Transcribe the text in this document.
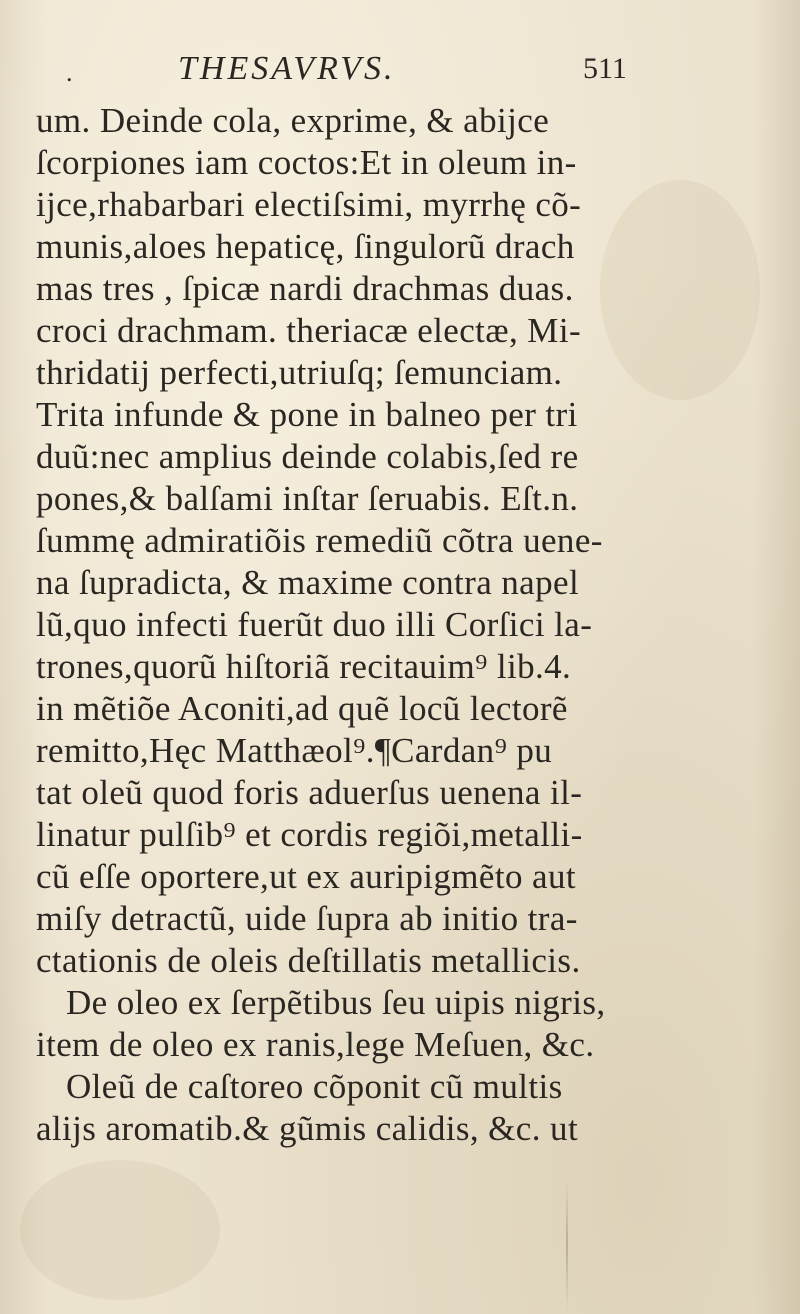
.	THESAVRVS.	511
um. Deinde cola, exprime, & abijce
ſcorpiones iam coctos:Et in oleum in-
ijce,rhabarbari electiſsimi, myrrhę cõ-
munis,aloes hepaticę, ſingulorũ drach
mas tres , ſpicæ nardi drachmas duas.
croci drachmam. theriacæ electæ, Mi-
thridatij perfecti,utriuſq; ſemunciam.
Trita infunde & pone in balneo per tri
duũ:nec amplius deinde colabis,ſed re
pones,& balſami inſtar ſeruabis. Eſt.n.
ſummę admiratiõis remediũ cõtra uene-
na ſupradicta, & maxime contra napel
lũ,quo infecti fuerũt duo illi Corſici la-
trones,quorũ hiſtoriã recitauim⁹ lib.4.
in mẽtiõe Aconiti,ad quẽ locũ lectorẽ
remitto,Hęc Matthæol⁹.¶Cardan⁹ pu
tat oleũ quod foris aduerſus uenena il-
linatur pulſib⁹ et cordis regiõi,metalli-
cũ eſſe oportere,ut ex auripigmẽto aut
miſy detractũ, uide ſupra ab initio tra-
ctationis de oleis deſtillatis metallicis.
De oleo ex ſerpẽtibus ſeu uipis nigris,
item de oleo ex ranis,lege Meſuen, &c.
Oleũ de caſtoreo cõponit cũ multis
alijs aromatib.& gũmis calidis, &c. ut
